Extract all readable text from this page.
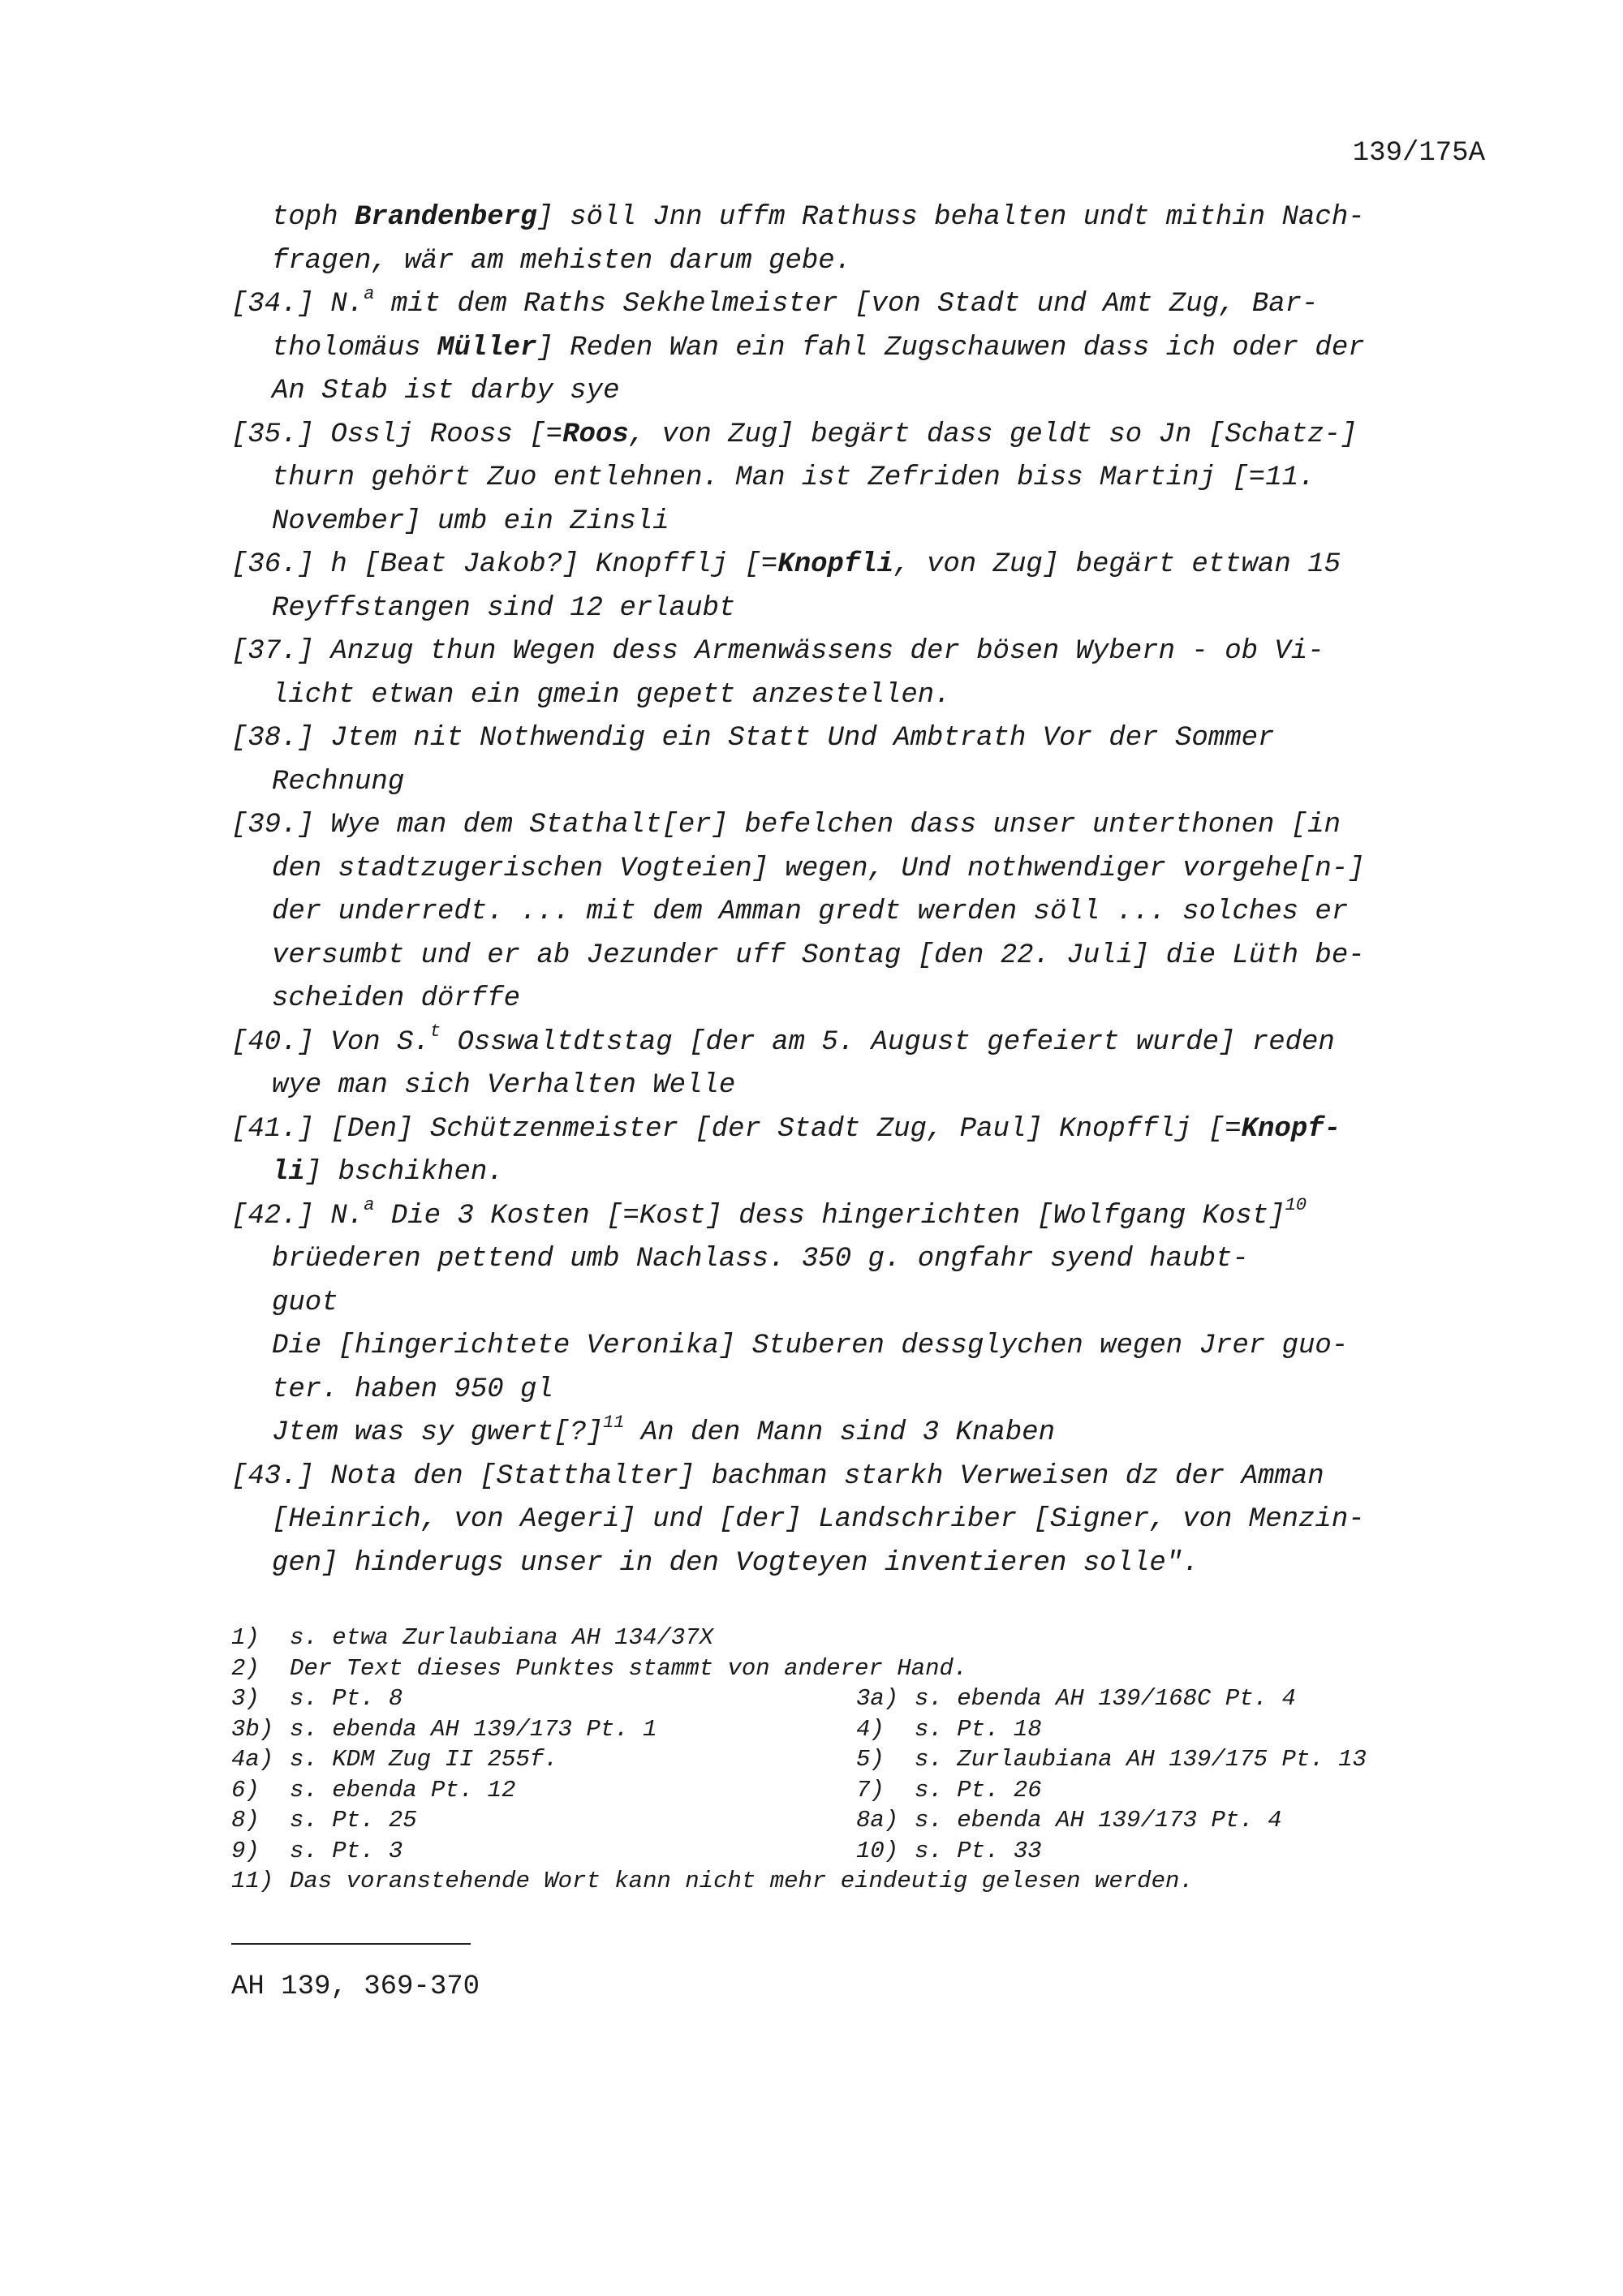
139/175A
toph Brandenberg] söll Jnn uffm Rathuss behalten undt mithin Nach-
fragen, wär am mehisten darum gebe.
[34.] N.$^a$ mit dem Raths Sekhelmeister [von Stadt und Amt Zug, Bar-
tholomäus Müller] Reden Wan ein fahl Zugschauwen dass ich oder der
An Stab ist darby sye
[35.] Osslj Rooss [=Roos, von Zug] begärt dass geldt so Jn [Schatz-]
thurn gehört Zuo entlehnen. Man ist Zefriden biss Martinj [=11.
November] umb ein Zinsli
[36.] h [Beat Jakob?] Knopfflj [=Knopfli, von Zug] begärt ettwan 15
Reyffstangen sind 12 erlaubt
[37.] Anzug thun Wegen dess Armenwässens der bösen Wybern - ob Vi-
licht etwan ein gmein gepett anzestellen.
[38.] Jtem nit Nothwendig ein Statt Und Ambtrath Vor der Sommer
Rechnung
[39.] Wye man dem Stathalt[er] befelchen dass unser unterthonen [in
den stadtzugerischen Vogteien] wegen, Und nothwendiger vorgehe[n-]
der underredt. ... mit dem Amman gredt werden söll ... solches er
versumbt und er ab Jezunder uff Sontag [den 22. Juli] die Lüth be-
scheiden dörffe
[40.] Von S.$^t$ Osswaltdtstag [der am 5. August gefeiert wurde] reden
wye man sich Verhalten Welle
[41.] [Den] Schützenmeister [der Stadt Zug, Paul] Knopfflj [=Knopf-
li] bschikhen.
[42.] N.$^a$ Die 3 Kosten [=Kost] dess hingerichten [Wolfgang Kost]$^{10}$
brüederen pettend umb Nachlass. 350 g. ongfahr syend haubt-
guot
Die [hingerichtete Veronika] Stuberen dessglychen wegen Jrer guo-
ter. haben 950 gl
Jtem was sy gwert[?]$^{11}$ An den Mann sind 3 Knaben
[43.] Nota den [Statthalter] bachman starkh Verweisen dz der Amman
[Heinrich, von Aegeri] und [der] Landschriber [Signer, von Menzin-
gen] hinderugs unser in den Vogteyen inventieren solle".
1)	s. etwa Zurlaubiana AH 134/37X
2)	Der Text dieses Punktes stammt von anderer Hand.
3)	s. Pt. 8	3a) s. ebenda AH 139/168C Pt. 4
3b) s. ebenda AH 139/173 Pt. 1	4)	s. Pt. 18
4a) s. KDM Zug II 255f.	5)	s. Zurlaubiana AH 139/175 Pt. 13
6)	s. ebenda Pt. 12	7)	s. Pt. 26
8)	s. Pt. 25	8a) s. ebenda AH 139/173 Pt. 4
9)	s. Pt. 3	10) s. Pt. 33
11) Das voranstehende Wort kann nicht mehr eindeutig gelesen werden.
AH 139, 369-370
